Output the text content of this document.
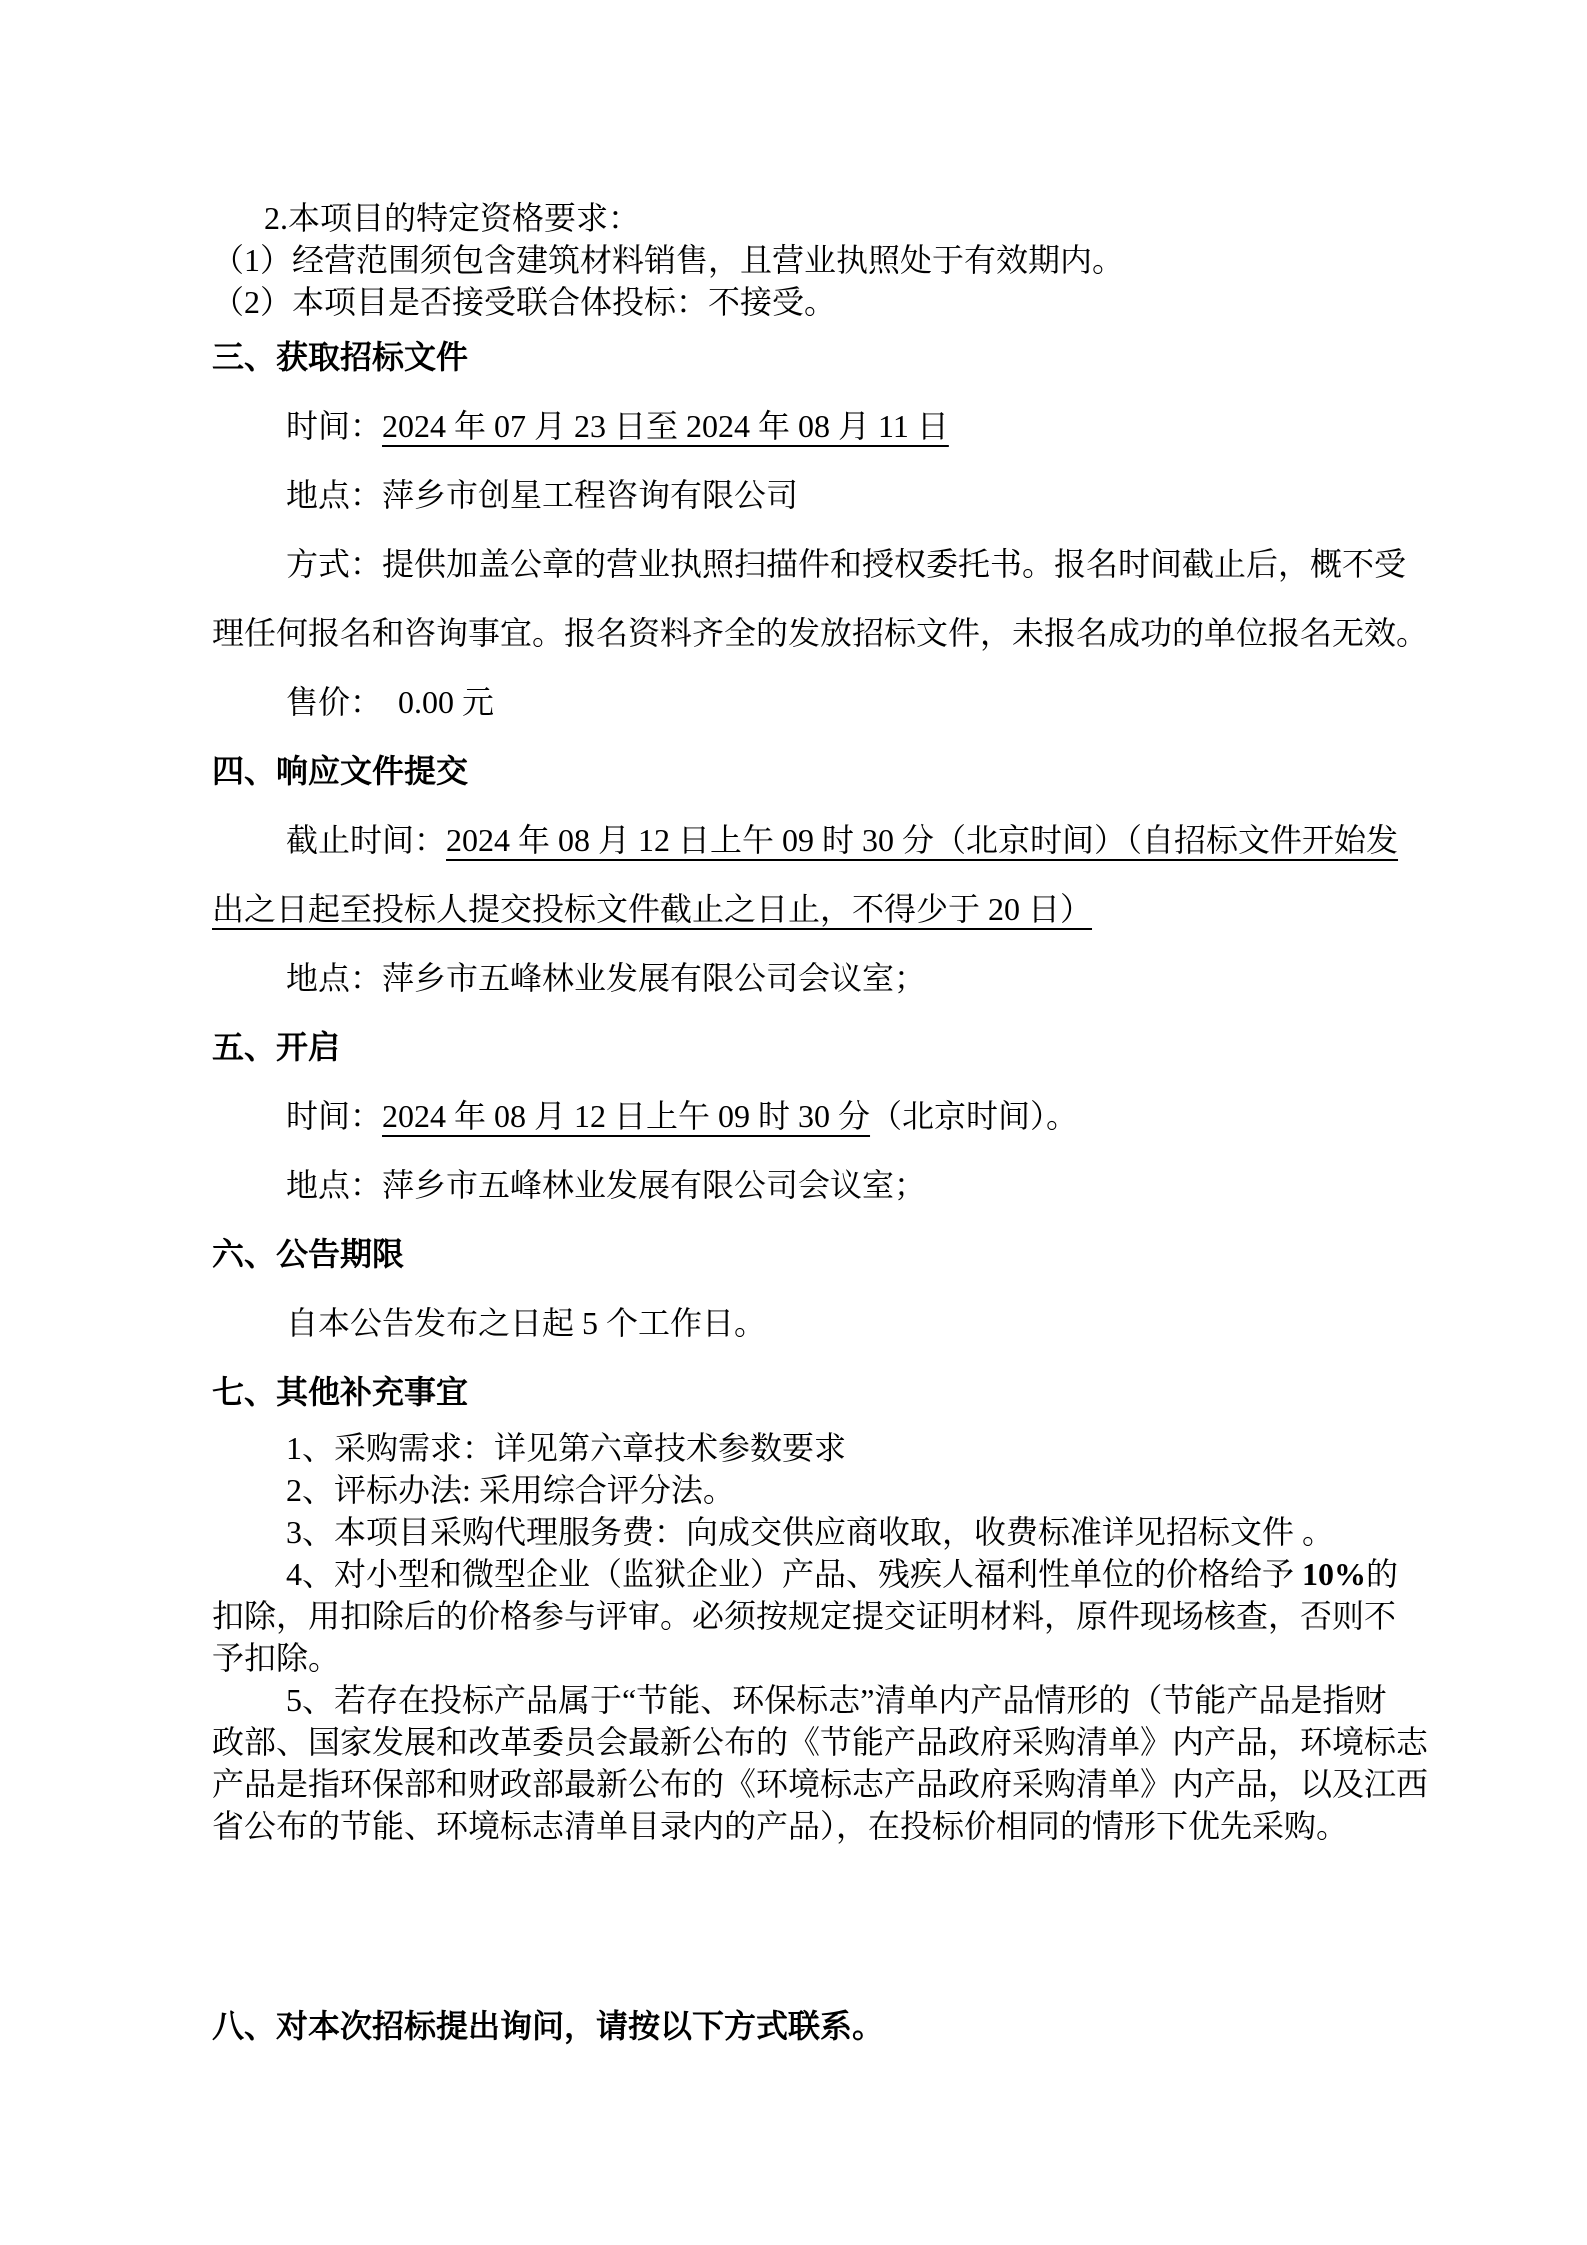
2.本项目的特定资格要求：
（1）经营范围须包含建筑材料销售，且营业执照处于有效期内。
（2）本项目是否接受联合体投标：不接受。
三、获取招标文件
时间：2024 年 07 月 23 日至 2024 年 08 月 11 日
地点：萍乡市创星工程咨询有限公司
方式：提供加盖公章的营业执照扫描件和授权委托书。报名时间截止后，概不受
理任何报名和咨询事宜。报名资料齐全的发放招标文件，未报名成功的单位报名无效。
售价：  0.00 元
四、响应文件提交
截止时间：2024 年 08 月 12 日上午 09 时 30 分（北京时间）（自招标文件开始发
出之日起至投标人提交投标文件截止之日止，不得少于 20 日）
地点：萍乡市五峰林业发展有限公司会议室；
五、开启
时间：2024 年 08 月 12 日上午 09 时 30 分（北京时间）。
地点：萍乡市五峰林业发展有限公司会议室；
六、公告期限
自本公告发布之日起 5 个工作日。
七、其他补充事宜
1、采购需求：详见第六章技术参数要求
2、评标办法: 采用综合评分法。
3、本项目采购代理服务费：向成交供应商收取，收费标准详见招标文件 。
4、对小型和微型企业（监狱企业）产品、残疾人福利性单位的价格给予 10%的
扣除，用扣除后的价格参与评审。必须按规定提交证明材料，原件现场核查，否则不
予扣除。
5、若存在投标产品属于“节能、环保标志”清单内产品情形的（节能产品是指财
政部、国家发展和改革委员会最新公布的《节能产品政府采购清单》内产品，环境标志
产品是指环保部和财政部最新公布的《环境标志产品政府采购清单》内产品，以及江西
省公布的节能、环境标志清单目录内的产品），在投标价相同的情形下优先采购。
八、对本次招标提出询问，请按以下方式联系。
